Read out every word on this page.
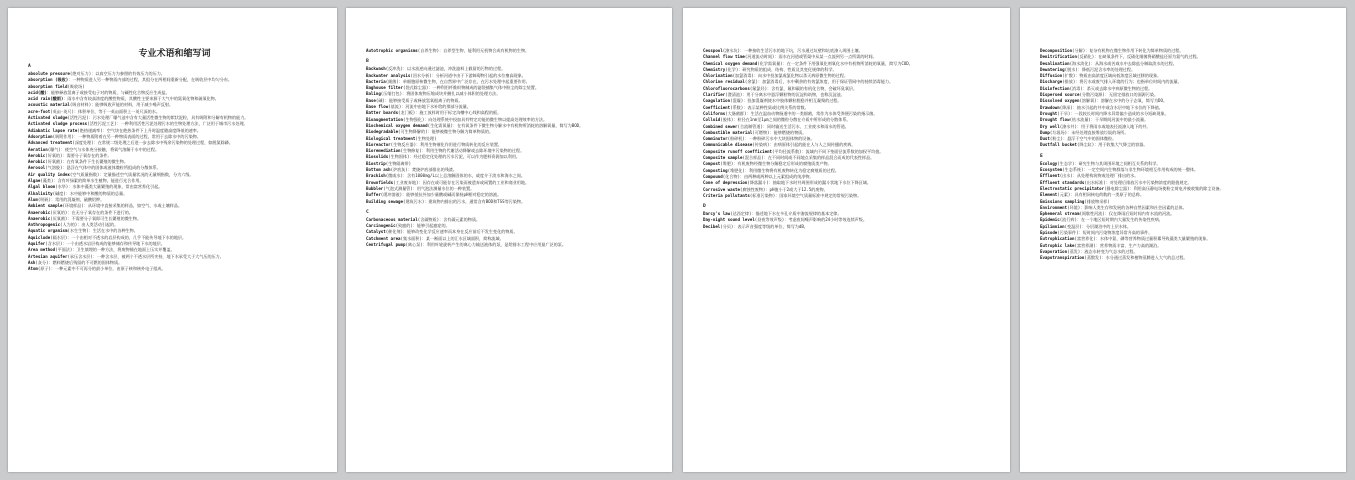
专业术语和缩写词
A

absolute pressure(绝对压力)：以真空压力为参照的有效压力的压力。

absorption (吸收)：一种物质进入另一种物质内部的过程，其组分在两相间重新分配，在吸收层中均匀分布。

absorption field(吸收场)

acid(酸)：能够释放氢离子或接受电子对的物质，与碱性化合物反应生成盐。

acid rain(酸雨)：雨水中含有较高浓度的酸性物质，其酸性主要来源于大气中的氮氧化物和硫氧化物。

acoustic material(吸音材料)：能够吸收声能的材料，用于减少噪声反射。

acre-foot(英亩-英尺)：体积单位，等于一英亩面积上一英尺深的水。

Activated sludge(活性污泥)：污水处理厂曝气池中含有大量活性微生物的絮状泥粒，具有吸附和分解有机物的能力。

Activated sludge process(活性污泥工艺)：一种利用活性污泥处理污水的生物处理方法，广泛用于城市污水处理。

Adiabatic lapse rate(绝热递减率)：空气块在绝热条件下上升时温度随高度降低的速率。

Adsorption(吸附作用)：一种物质附着在另一种物质表面的过程，常用于去除水中的污染物。

Advanced treatment(深度处理)：在常规二级处理之后进一步去除水中残余污染物的处理过程，如脱氮除磷。

Aeration(曝气)：使空气与水体充分接触，将氧气溶解于水中的过程。

Aerobic(好氧的)：需要分子氧存在的条件。

Aerobic(好氧菌)：在有氧条件下生长繁殖的微生物。

Aerosol(气溶胶)：悬浮在气体中的固体或液体微粒所组成的分散体系。

Air quality index(空气质量指数)：定量描述空气质量状况的无量纲指数，分为六级。

Algae(藻类)：含有叶绿素的简单水生植物，能进行光合作用。

Algal bloom(水华)：水体中藻类大量繁殖的现象，常由富营养化引起。

Alkalinity(碱度)：水中能够中和酸的物质的总量。

Alum(明矾)：常用的混凝剂，硫酸铝钾。

Ambient sample(环境样品)：从环境中直接采集的样品，如空气、水或土壤样品。

Anaerobic(厌氧的)：在无分子氧存在的条件下进行的。

Anaerobic(厌氧菌)：不需要分子氧即可生长繁殖的微生物。

Anthropogenic(人为的)：由人类活动引起的。

Aquatic organism(水生生物)：生活在水中的各种生物。

Aquiclude(隔水层)：一个由相对不透水的岩层构成的、几乎不能传导地下水的地层。

Aquifer(含水层)：一个由透水岩层构成的能够储存和传导地下水的地层。

Area method(平面法)：卫生填埋的一种方法，将废物铺在地面上压实并覆盖。

Artesian aquifer(承压含水层)：一种含水层，被两个不透水层所夹持，地下水承受大于大气压的压力。

Ash(灰分)：燃料燃烧后残留的不可燃的固体物质。

Atom(原子)：一种元素中不可再分的最小单位，由原子核和核外电子组成。

Autotrophic organisms(自养生物)：自养型生物，能利用无机物合成有机物的生物。

B

Backwash(反冲洗)：以水流逆向通过滤池，冲洗滤料上截留的污物的过程。

Backwater analysis(回水分析)：分析河道中由于下游障碍物引起的水位壅高现象。

Bacteria(细菌)：单细胞原核微生物，在自然界中广泛存在，在污水处理中起重要作用。

Baghouse filter(袋式除尘器)：一种利用纤维织物制成的滤袋捕集气体中粉尘的除尘装置。

Baling(压缩打包)：将固体废物压缩成块并捆扎以减小体积的处理方法。

Base(碱)：能够接受质子或释放氢氧根离子的物质。

Base flow(基流)：河流中由地下水补给的那部分流量。

Batter boards(龙门板)：施工放样时用于标定沟槽中心线和高程的板。

Bioaugmentation(生物强化)：向处理系统中投加具有特定功能的微生物以提高处理效率的方法。

Biochemical oxygen demand(生化需氧量)：在有氧条件下微生物分解水中有机物所消耗的溶解氧量，简写为BOD。

Biodegradable(可生物降解的)：能够被微生物分解为简单物质的。

Biological treatment(生物处理)

Bioreactor(生物反应器)：利用生物催化作用进行物质转化的反应装置。

Bioremediation(生物修复)：利用生物的代谢活动降解或去除环境中污染物的过程。

Biosolids(生物固体)：经过稳定化处理的污水污泥，可以作为肥料资源加以利用。

Biostrip(生物隔离带)

Bottom ash(炉底灰)：焚烧炉底部排出的残渣。

Brackish(微咸水)：含有1000mg/L以上总溶解固体的水，咸度介于淡水和海水之间。

Brownfields(工业废弃地)：因存在或可能存在污染而被遗弃或闲置的工业和商业用地。

Bubbler(气泡式测量管)：用气泡法测量水位的一种装置。

Buffer(缓冲溶液)：能够抵抗外加少量酸或碱而保持pH相对稳定的溶液。

Building sewage(建筑污水)：建筑物内排出的污水，通常含有BOD和TSS等污染物。

C

Carbonaceous material(含碳物质)：含有碳元素的物质。

Carcinogenic(致癌的)：能够引起癌症的。

Catalyst(催化剂)：能够改变化学反应速率而本身在反应前后不发生变化的物质。

Catchment area(集水面积)：某一断面以上的汇水区域面积，简称流域。

Centrifugal pump(离心泵)：利用叶轮旋转产生的离心力输送液体的泵，是给排水工程中应用最广泛的泵。

Cesspool(渗水坑)：一种接收生活污水的地下坑，污水通过坑壁和坑底渗入周围土壤。

Channel flow time(河道流动时间)：雨水在河道或管渠中从某一点流到另一点所需的时间。

Chemical oxygen demand(化学需氧量)：在一定条件下用强氧化剂氧化水中有机物所消耗的氧量，简写为COD。

Chemistry(化学)：研究物质的组成、结构、性质及其变化规律的科学。

Chlorination(加氯消毒)：向水中投加氯或氯化物以杀灭病原微生物的过程。

Chlorine residual(余氯)：加氯消毒后，水中剩余的有效氯浓度，用于保证管网中的持续消毒能力。

Chlorofluorocarbons(氟氯烃)：含有氯、氟和碳的有机化合物，会破坏臭氧层。

Clarifier(澄清池)：用于分离水中悬浮颗粒物的沉淀构筑物，也称沉淀池。

Coagulation(混凝)：投加混凝剂使水中胶体颗粒脱稳并相互凝聚的过程。

Coefficient(系数)：表示某种性质或比例关系的常数。

Coliforms(大肠菌群)：生活在温血动物肠道中的一类细菌，常作为水体受粪便污染的指示菌。

Colloid(胶体)：粒径在1nm至1μm之间的微粒分散在介质中所形成的分散体系。

Combined sewer(合流制管道)：同时输送生活污水、工业废水和雨水的管道。

Combustible material(可燃物)：能够燃烧的物质。

Comminutor(粉碎机)：一种粉碎污水中大块固体物的设备。

Communicable disease(传染病)：由病原体引起的能在人与人之间传播的疾病。

Composite runoff coefficient(平均径流系数)：流域内不同下垫面径流系数的加权平均值。

Composite sample(混合样品)：在不同时间或不同地点采集的样品混合而成的代表性样品。

Compost(堆肥)：有机废物经微生物分解稳定后形成的腐殖质类产物。

Composting(堆肥化)：利用微生物将有机废物转化为稳定腐殖质的过程。

Compound(化合物)：由两种或两种以上元素组成的纯净物。

Cone of depression(降落漏斗)：抽取地下水时井周围形成的漏斗状地下水位下降区域。

Corrosive waste(腐蚀性废物)：pH值小于2或大于12.5的废物。

Criteria pollutants(标准污染物)：国家环境空气质量标准中规定的常规污染物。

D

Darcy's law(达西定律)：描述地下水在多孔介质中渗流规律的基本定律。

Day-night sound level(昼夜等效声级)：考虑夜间噪声影响的24小时等效连续声级。

Decibel(分贝)：表示声音强度等级的单位，简写为dB。

Decomposition(分解)：复杂有机物在微生物作用下转化为简单物质的过程。

Denitrification(反硝化)：在缺氧条件下，反硝化细菌将硝酸盐还原为氮气的过程。

Desalination(海水淡化)：从海水或苦咸水中去除盐分制取淡水的过程。

Dewatering(脱水)：降低污泥含水率的处理过程。

Diffusion(扩散)：物质由高浓度区域向低浓度区域迁移的现象。

Discharge(排放)：将污水或废气排入环境的行为；也指单位时间内的流量。

Disinfection(消毒)：杀灭或去除水中病原微生物的过程。

Dispersed source(分散污染源)：无固定排放口的面源污染。

Dissolved oxygen(溶解氧)：溶解在水中的分子态氧，简写为DO。

Drawdown(降深)：抽水引起的井中或含水层中地下水位的下降值。

Drought(干旱)：一段较长时间内降水异常偏少造成的水分短缺现象。

Drought flow(枯水流量)：干旱期间河流中的最小流量。

Dry well(渗水井)：用于将雨水或地表径流渗入地下的井。

Dump(垃圾场)：未经处理直接堆放垃圾的场所。

Dust(粉尘)：悬浮于空气中的固体微粒。

Dustfall bucket(降尘缸)：用于收集大气降尘的容器。

E

Ecology(生态学)：研究生物与其周围环境之间相互关系的科学。

Ecosystem(生态系统)：一定空间内生物群落与非生物环境相互作用构成的统一整体。

Effluent(出水)：从处理构筑物或处理厂排出的水。

Effluent standards(出水标准)：对处理后排放污水中污染物浓度的限值规定。

Electrostatic precipitator(静电除尘器)：利用高压静电场使粉尘荷电并被收集的除尘设备。

Element(元素)：具有相同核电荷数的一类原子的总称。

Emissions sampling(排放物采样)

Environment(环境)：影响人类生存和发展的各种自然因素和社会因素的总体。

Ephemeral stream(间歇性河流)：仅在降雨后短时间内有水流的河流。

Epidemic(流行病)：在一个地区短时期内大量发生的传染性疾病。

Epilimnion(变温层)：分层湖泊中的上层水体。

Episode(污染事件)：短时间内污染物浓度异常升高的事件。

Eutrophication(富营养化)：水体中氮、磷等营养物质过量积累导致藻类大量繁殖的现象。

Eutrophic lake(富营养湖)：营养物质丰富、生产力高的湖泊。

Evaporation(蒸发)：液态水转变为气态水的过程。

Evapotranspiration(蒸散发)：水分通过蒸发和植物蒸腾进入大气的总过程。
